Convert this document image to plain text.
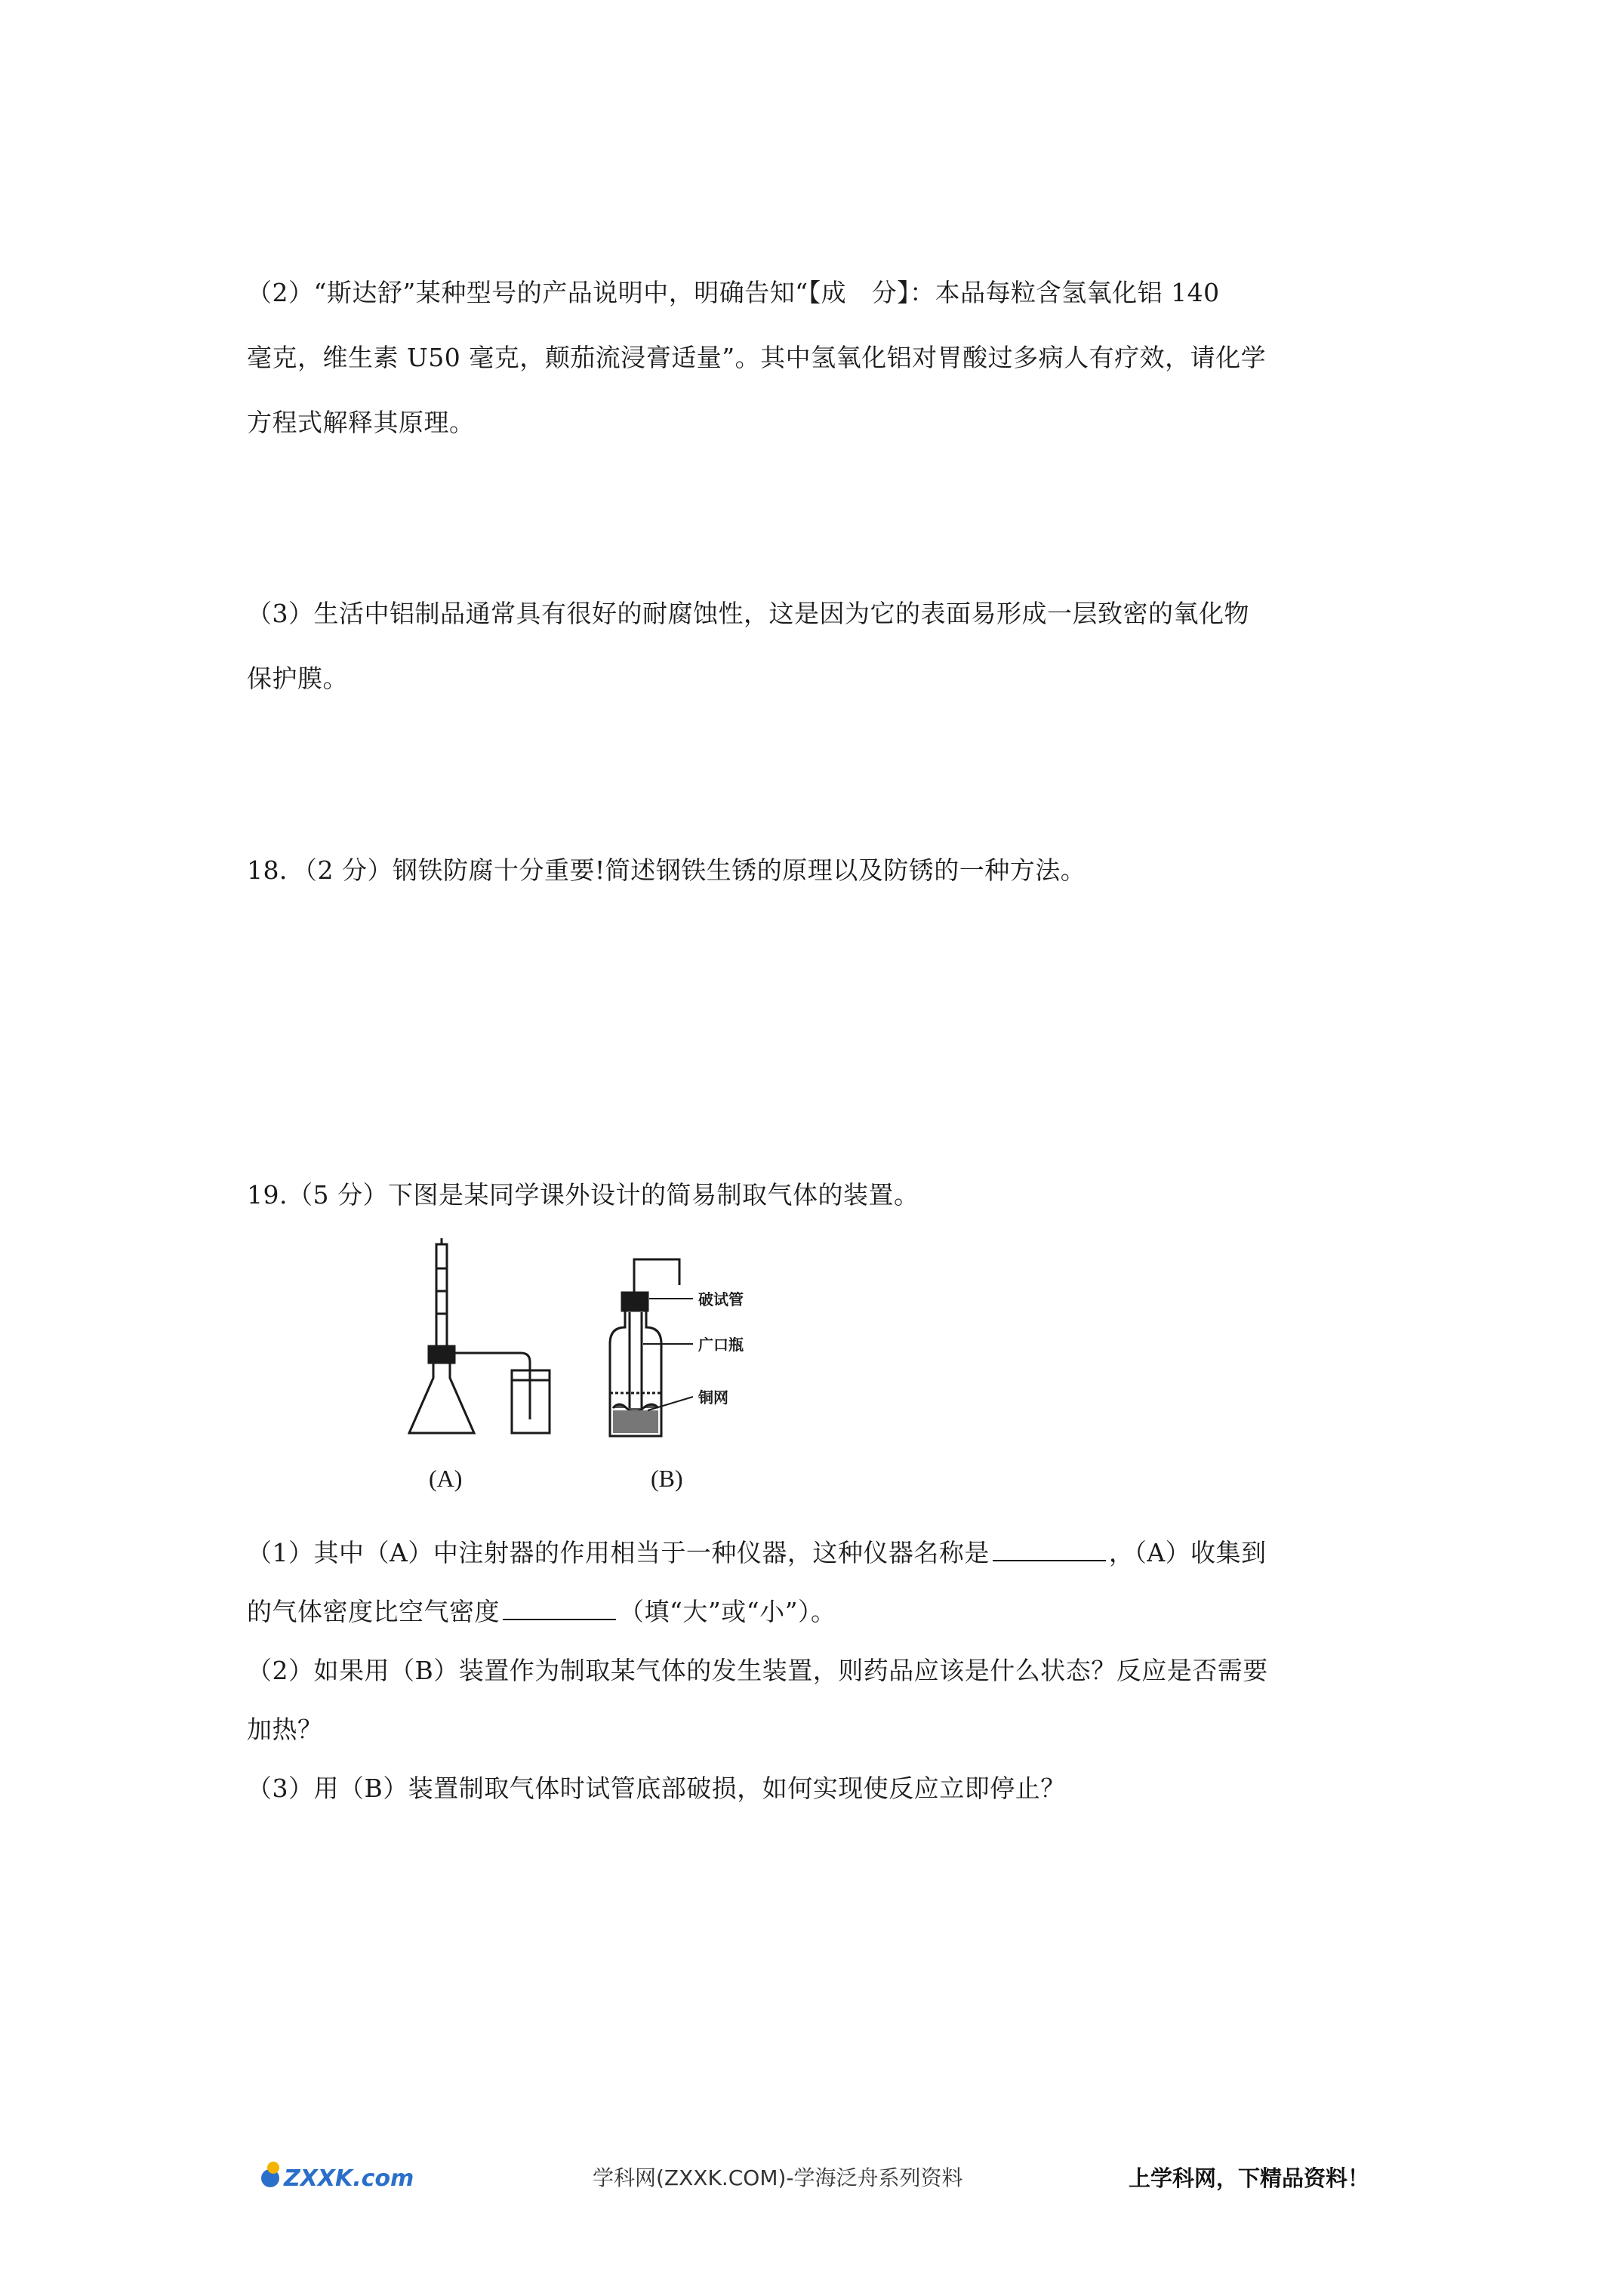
（2）“斯达舒”某种型号的产品说明中，明确告知“【成　分】：本品每粒含氢氧化铝 140
毫克，维生素 U50 毫克，颠茄流浸膏适量”。其中氢氧化铝对胃酸过多病人有疗效，请化学
方程式解释其原理。
（3）生活中铝制品通常具有很好的耐腐蚀性，这是因为它的表面易形成一层致密的氧化物
保护膜。
18．（2 分）钢铁防腐十分重要!简述钢铁生锈的原理以及防锈的一种方法。
19.（5 分）下图是某同学课外设计的简易制取气体的装置。
破试管
广口瓶
铜网
(A)	(B)
（1）其中（A）中注射器的作用相当于一种仪器，这种仪器名称是	，（A）收集到
的气体密度比空气密度	（填“大”或“小”）。
（2）如果用（B）装置作为制取某气体的发生装置，则药品应该是什么状态？反应是否需要
加热？
（3）用（B）装置制取气体时试管底部破损，如何实现使反应立即停止？
ZXXK.com	学科网(ZXXK.COM)-学海泛舟系列资料	上学科网，下精品资料！
